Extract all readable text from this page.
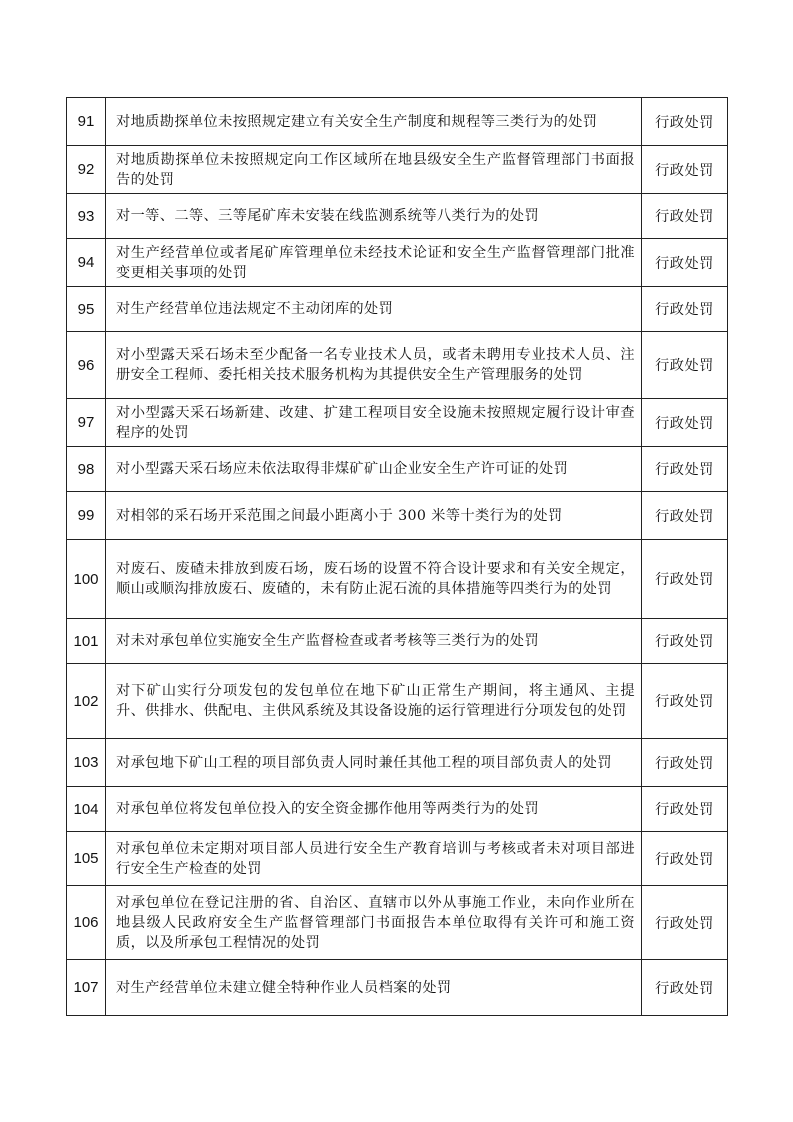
91	对地质勘探单位未按照规定建立有关安全生产制度和规程等三类行为的处罚	行政处罚
92	对地质勘探单位未按照规定向工作区域所在地县级安全生产监督管理部门书面报告的处罚	行政处罚
93	对一等、二等、三等尾矿库未安装在线监测系统等八类行为的处罚	行政处罚
94	对生产经营单位或者尾矿库管理单位未经技术论证和安全生产监督管理部门批准变更相关事项的处罚	行政处罚
95	对生产经营单位违法规定不主动闭库的处罚	行政处罚
96	对小型露天采石场未至少配备一名专业技术人员，或者未聘用专业技术人员、注册安全工程师、委托相关技术服务机构为其提供安全生产管理服务的处罚	行政处罚
97	对小型露天采石场新建、改建、扩建工程项目安全设施未按照规定履行设计审查程序的处罚	行政处罚
98	对小型露天采石场应未依法取得非煤矿矿山企业安全生产许可证的处罚	行政处罚
99	对相邻的采石场开采范围之间最小距离小于 300 米等十类行为的处罚	行政处罚
100	对废石、废碴未排放到废石场，废石场的设置不符合设计要求和有关安全规定，顺山或顺沟排放废石、废碴的，未有防止泥石流的具体措施等四类行为的处罚	行政处罚
101	对未对承包单位实施安全生产监督检查或者考核等三类行为的处罚	行政处罚
102	对下矿山实行分项发包的发包单位在地下矿山正常生产期间，将主通风、主提升、供排水、供配电、主供风系统及其设备设施的运行管理进行分项发包的处罚	行政处罚
103	对承包地下矿山工程的项目部负责人同时兼任其他工程的项目部负责人的处罚	行政处罚
104	对承包单位将发包单位投入的安全资金挪作他用等两类行为的处罚	行政处罚
105	对承包单位未定期对项目部人员进行安全生产教育培训与考核或者未对项目部进行安全生产检查的处罚	行政处罚
106	对承包单位在登记注册的省、自治区、直辖市以外从事施工作业，未向作业所在地县级人民政府安全生产监督管理部门书面报告本单位取得有关许可和施工资质，以及所承包工程情况的处罚	行政处罚
107	对生产经营单位未建立健全特种作业人员档案的处罚	行政处罚
